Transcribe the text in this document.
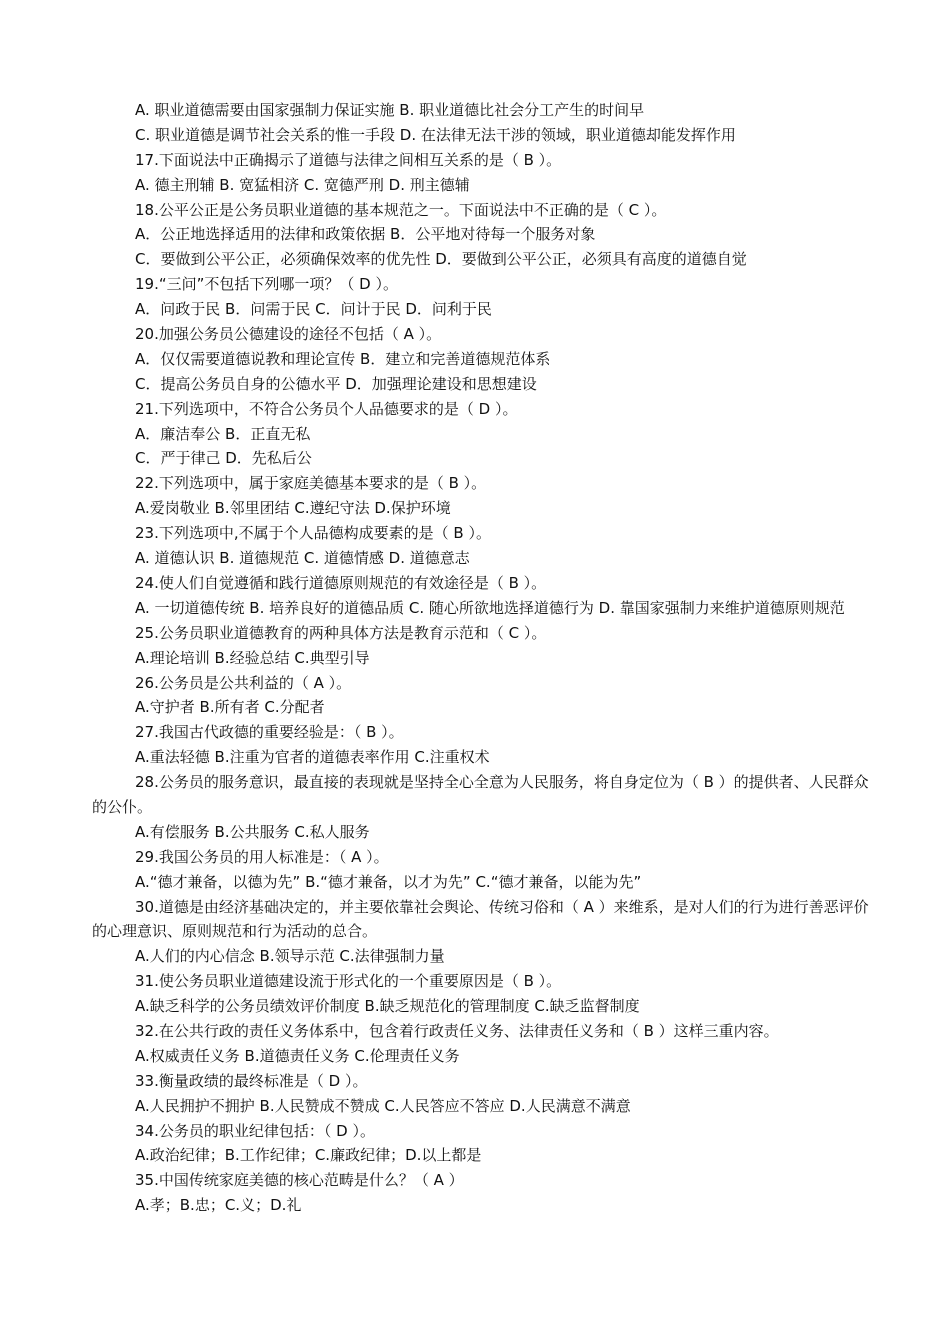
A. 职业道德需要由国家强制力保证实施 B. 职业道德比社会分工产生的时间早
C. 职业道德是调节社会关系的惟一手段 D. 在法律无法干涉的领域，职业道德却能发挥作用
17.下面说法中正确揭示了道德与法律之间相互关系的是（ B ）。
A. 德主刑辅 B. 宽猛相济 C. 宽德严刑 D. 刑主德辅
18.公平公正是公务员职业道德的基本规范之一。下面说法中不正确的是（ C ）。
A．公正地选择适用的法律和政策依据 B．公平地对待每一个服务对象
C．要做到公平公正，必须确保效率的优先性 D．要做到公平公正，必须具有高度的道德自觉
19.“三问”不包括下列哪一项？（ D ）。
A．问政于民 B．问需于民 C．问计于民 D．问利于民
20.加强公务员公德建设的途径不包括（ A ）。
A．仅仅需要道德说教和理论宣传 B．建立和完善道德规范体系
C．提高公务员自身的公德水平 D．加强理论建设和思想建设
21.下列选项中，不符合公务员个人品德要求的是（ D ）。
A．廉洁奉公 B．正直无私
C．严于律己 D．先私后公
22.下列选项中，属于家庭美德基本要求的是（ B ）。
A.爱岗敬业 B.邻里团结 C.遵纪守法 D.保护环境
23.下列选项中,不属于个人品德构成要素的是（ B ）。
A. 道德认识 B. 道德规范 C. 道德情感 D. 道德意志
24.使人们自觉遵循和践行道德原则规范的有效途径是（ B ）。
A. 一切道德传统 B. 培养良好的道德品质 C. 随心所欲地选择道德行为 D. 靠国家强制力来维护道德原则规范
25.公务员职业道德教育的两种具体方法是教育示范和（ C ）。
A.理论培训 B.经验总结 C.典型引导
26.公务员是公共利益的（ A ）。
A.守护者 B.所有者 C.分配者
27.我国古代政德的重要经验是：（ B ）。
A.重法轻德 B.注重为官者的道德表率作用 C.注重权术
28.公务员的服务意识，最直接的表现就是坚持全心全意为人民服务，将自身定位为（ B ）的提供者、人民群众的公仆。
A.有偿服务 B.公共服务 C.私人服务
29.我国公务员的用人标准是：（ A ）。
A.“德才兼备，以德为先” B.“德才兼备，以才为先” C.“德才兼备，以能为先”
30.道德是由经济基础决定的，并主要依靠社会舆论、传统习俗和（ A ）来维系，是对人们的行为进行善恶评价的心理意识、原则规范和行为活动的总合。
A.人们的内心信念 B.领导示范 C.法律强制力量
31.使公务员职业道德建设流于形式化的一个重要原因是（ B ）。
A.缺乏科学的公务员绩效评价制度 B.缺乏规范化的管理制度 C.缺乏监督制度
32.在公共行政的责任义务体系中，包含着行政责任义务、法律责任义务和（ B ）这样三重内容。
A.权威责任义务 B.道德责任义务 C.伦理责任义务
33.衡量政绩的最终标准是（ D ）。
A.人民拥护不拥护 B.人民赞成不赞成 C.人民答应不答应 D.人民满意不满意
34.公务员的职业纪律包括：（ D ）。
A.政治纪律；B.工作纪律；C.廉政纪律；D.以上都是
35.中国传统家庭美德的核心范畴是什么？（ A ）
A.孝；B.忠；C.义；D.礼
